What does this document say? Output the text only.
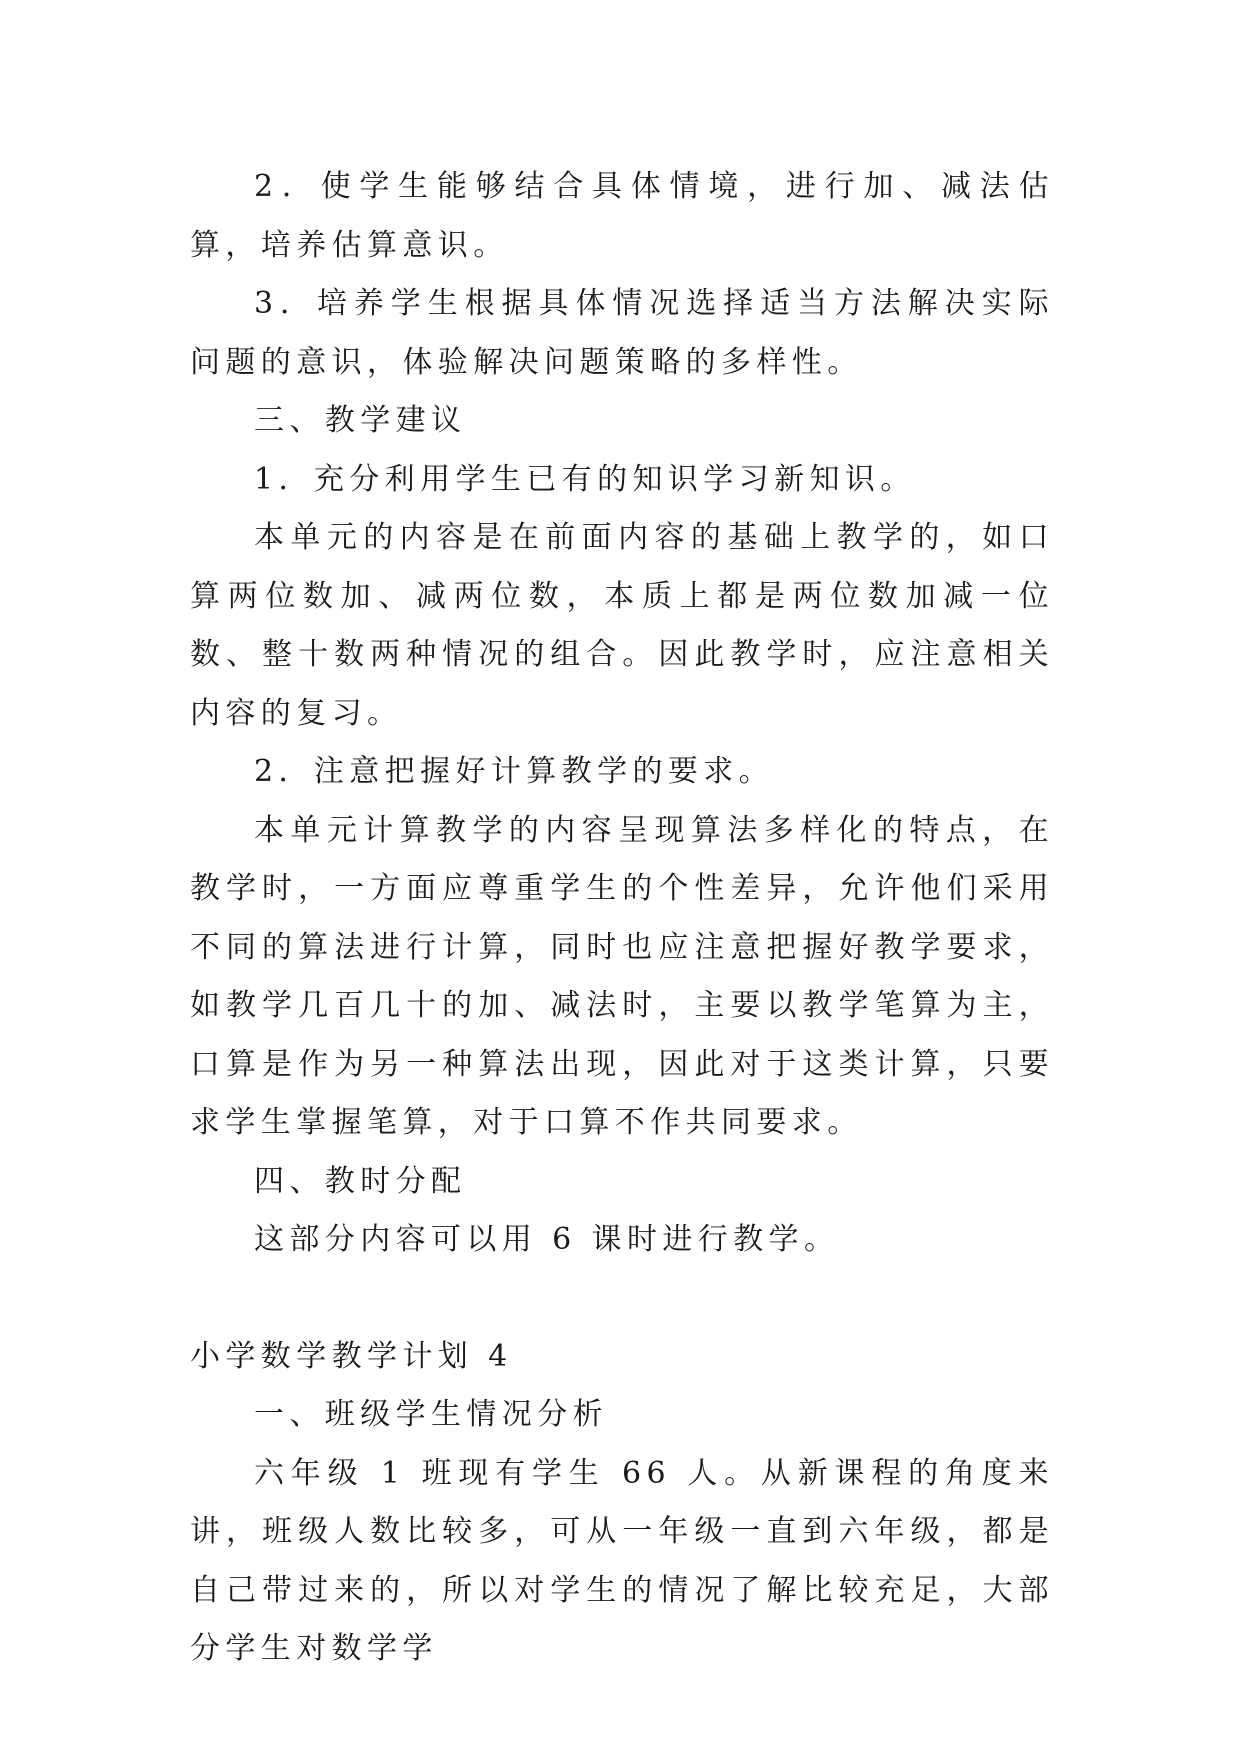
2．使学生能够结合具体情境，进行加、减法估算，培养估算意识。

3．培养学生根据具体情况选择适当方法解决实际问题的意识，体验解决问题策略的多样性。

三、教学建议

1．充分利用学生已有的知识学习新知识。

本单元的内容是在前面内容的基础上教学的，如口算两位数加、减两位数，本质上都是两位数加减一位数、整十数两种情况的组合。因此教学时，应注意相关内容的复习。

2．注意把握好计算教学的要求。

本单元计算教学的内容呈现算法多样化的特点，在教学时，一方面应尊重学生的个性差异，允许他们采用不同的算法进行计算，同时也应注意把握好教学要求，如教学几百几十的加、减法时，主要以教学笔算为主，口算是作为另一种算法出现，因此对于这类计算，只要求学生掌握笔算，对于口算不作共同要求。

四、教时分配

这部分内容可以用 6 课时进行教学。

小学数学教学计划 4

一、班级学生情况分析

六年级 1 班现有学生 66 人。从新课程的角度来讲，班级人数比较多，可从一年级一直到六年级，都是自己带过来的，所以对学生的情况了解比较充足，大部分学生对数学学
